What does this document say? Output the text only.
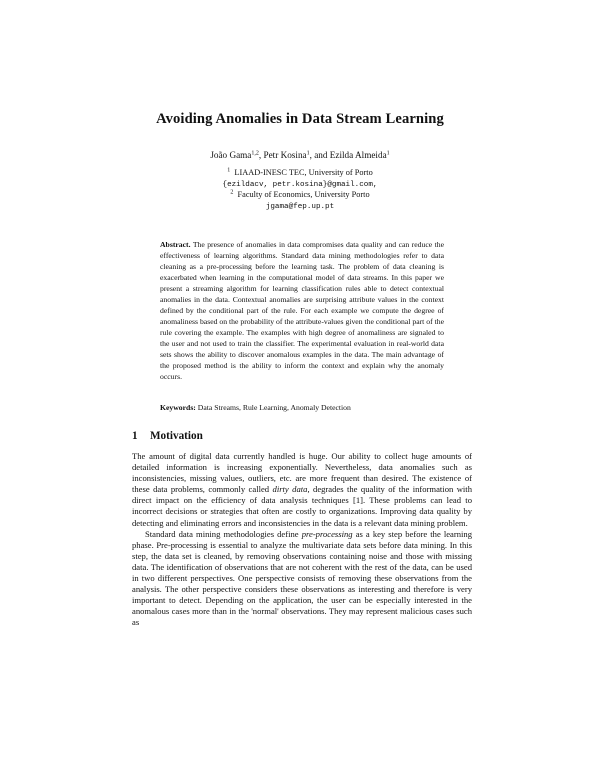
Avoiding Anomalies in Data Stream Learning
João Gama$^{1,2}$, Petr Kosina$^1$, and Ezilda Almeida$^1$
$^1$ LIAAD-INESC TEC, University of Porto
{ezildacv, petr.kosina}@gmail.com,
$^2$ Faculty of Economics, University Porto
jgama@fep.up.pt

Abstract. The presence of anomalies in data compromises data quality and can reduce the effectiveness of learning algorithms. Standard data mining methodologies refer to data cleaning as a pre-processing before the learning task. The problem of data cleaning is exacerbated when learning in the computational model of data streams. In this paper we present a streaming algorithm for learning classification rules able to detect contextual anomalies in the data. Contextual anomalies are surprising attribute values in the context defined by the conditional part of the rule. For each example we compute the degree of anomaliness based on the probability of the attribute-values given the conditional part of the rule covering the example. The examples with high degree of anomaliness are signaled to the user and not used to train the classifier. The experimental evaluation in real-world data sets shows the ability to discover anomalous examples in the data. The main advantage of the proposed method is the ability to inform the context and explain why the anomaly occurs.

Keywords: Data Streams, Rule Learning, Anomaly Detection
1 Motivation

The amount of digital data currently handled is huge. Our ability to collect huge amounts of detailed information is increasing exponentially. Nevertheless, data anomalies such as inconsistencies, missing values, outliers, etc. are more frequent than desired. The existence of these data problems, commonly called dirty data, degrades the quality of the information with direct impact on the efficiency of data analysis techniques [1]. These problems can lead to incorrect decisions or strategies that often are costly to organizations. Improving data quality by detecting and eliminating errors and inconsistencies in the data is a relevant data mining problem.

Standard data mining methodologies define pre-processing as a key step before the learning phase. Pre-processing is essential to analyze the multivariate data sets before data mining. In this step, the data set is cleaned, by removing observations containing noise and those with missing data. The identification of observations that are not coherent with the rest of the data, can be used in two different perspectives. One perspective consists of removing these observations from the analysis. The other perspective considers these observations as interesting and therefore is very important to detect. Depending on the application, the user can be especially interested in the anomalous cases more than in the 'normal' observations. They may represent malicious cases such as
